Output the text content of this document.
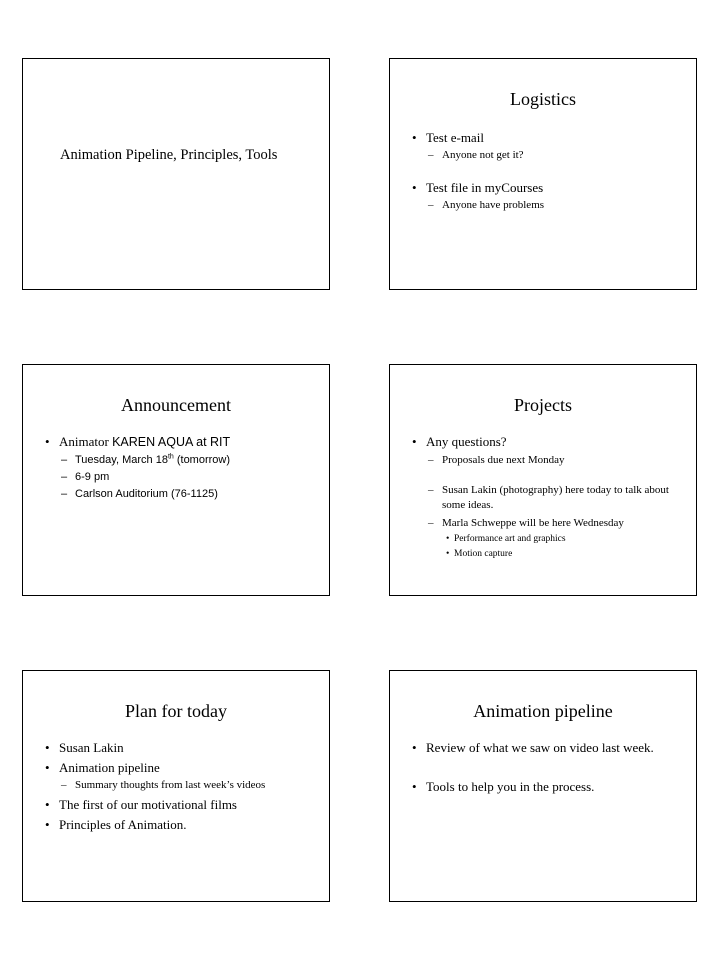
Animation Pipeline, Principles, Tools
Logistics
• Test e-mail
– Anyone not get it?
• Test file in myCourses
– Anyone have problems
Announcement
• Animator KAREN AQUA at RIT
– Tuesday, March 18th (tomorrow)
– 6-9 pm
– Carlson Auditorium (76-1125)
Projects
• Any questions?
– Proposals due next Monday
– Susan Lakin (photography) here today to talk about some ideas.
– Marla Schweppe will be here Wednesday
• Performance art and graphics
• Motion capture
Plan for today
• Susan Lakin
• Animation pipeline
– Summary thoughts from last week’s videos
• The first of our motivational films
• Principles of Animation.
Animation pipeline
• Review of what we saw on video last week.
• Tools to help you in the process.
